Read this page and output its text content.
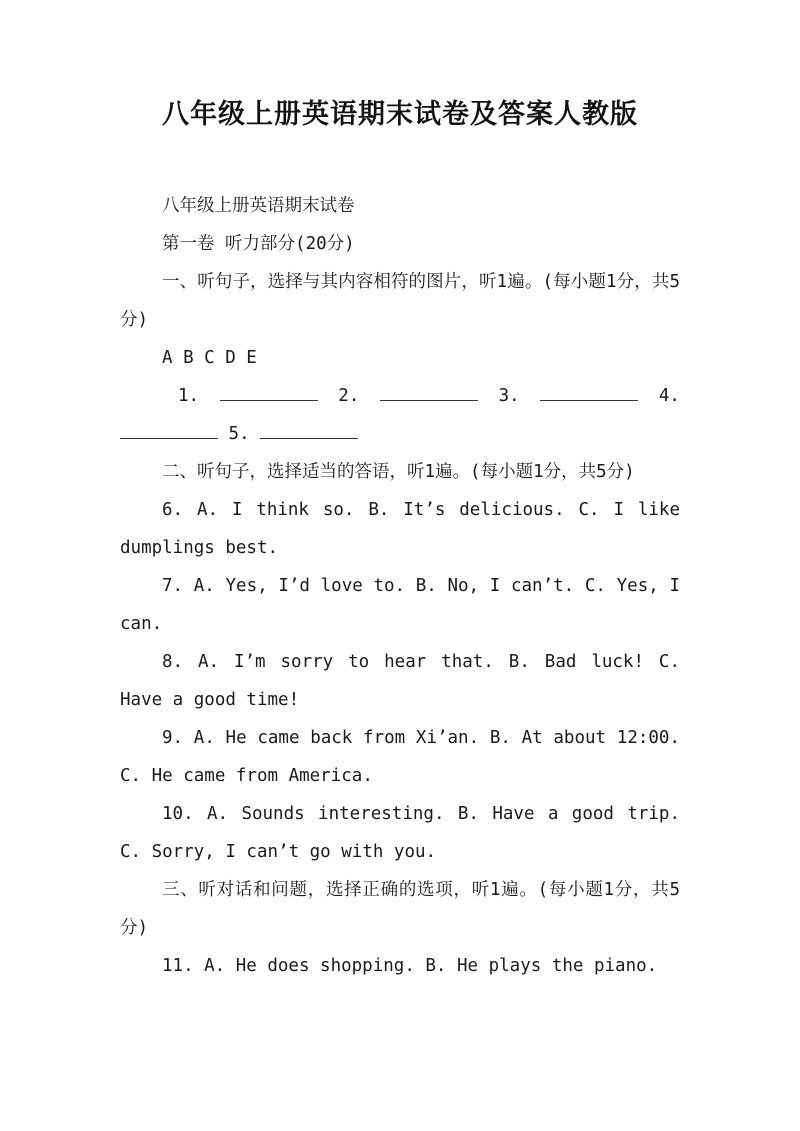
八年级上册英语期末试卷及答案人教版

八年级上册英语期末试卷

第一卷 听力部分(20分)

一、听句子，选择与其内容相符的图片，听1遍。(每小题1分，共5分)

A B C D E

1.	2.	3.	4.

5.

二、听句子，选择适当的答语，听1遍。(每小题1分，共5分)

6. A. I think so. B. It’s delicious. C. I like dumplings best.

7. A. Yes, I’d love to. B. No, I can’t. C. Yes, I can.

8. A. I’m sorry to hear that. B. Bad luck! C. Have a good time!

9. A. He came back from Xi’an. B. At about 12:00. C. He came from America.

10. A. Sounds interesting. B. Have a good trip. C. Sorry, I can’t go with you.

三、听对话和问题，选择正确的选项，听1遍。(每小题1分，共5分)

11. A. He does shopping. B. He plays the piano.
